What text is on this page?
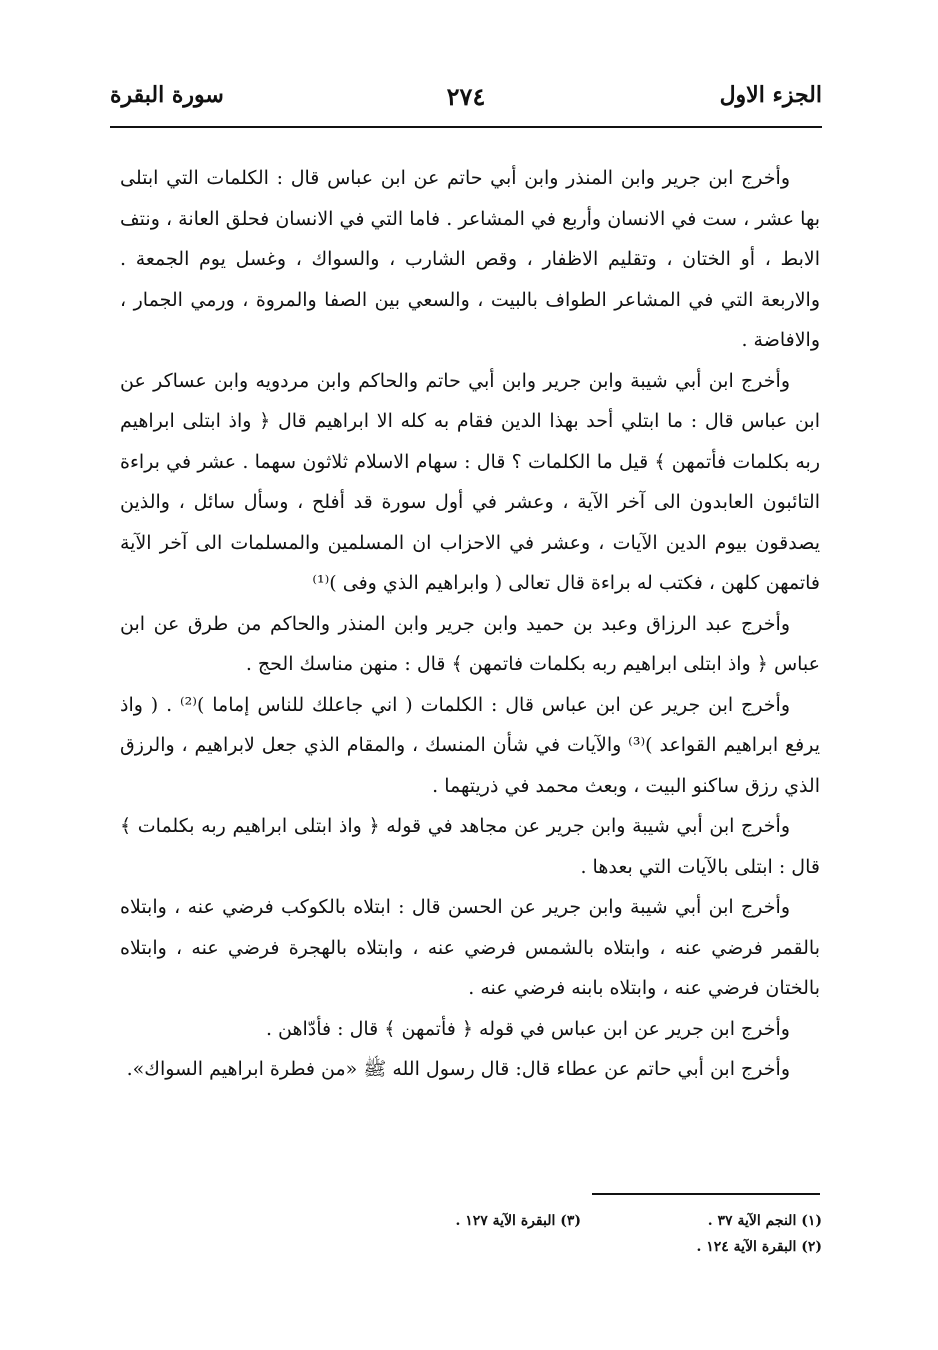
الجزء الاول
٢٧٤
سورة البقرة

وأخرج ابن جرير وابن المنذر وابن أبي حاتم عن ابن عباس قال : الكلمات التي ابتلى بها عشر ، ست في الانسان وأربع في المشاعر . فاما التي في الانسان فحلق العانة ، ونتف الابط ، أو الختان ، وتقليم الاظفار ، وقص الشارب ، والسواك ، وغسل يوم الجمعة . والاربعة التي في المشاعر الطواف بالبيت ، والسعي بين الصفا والمروة ، ورمي الجمار ، والافاضة .

وأخرج ابن أبي شيبة وابن جرير وابن أبي حاتم والحاكم وابن مردويه وابن عساكر عن ابن عباس قال : ما ابتلي أحد بهذا الدين فقام به كله الا ابراهيم قال ﴿ واذ ابتلى ابراهيم ربه بكلمات فأتمهن ﴾ قيل ما الكلمات ؟ قال : سهام الاسلام ثلاثون سهما . عشر في براءة التائبون العابدون الى آخر الآية ، وعشر في أول سورة قد أفلح ، وسأل سائل ، والذين يصدقون بيوم الدين الآيات ، وعشر في الاحزاب ان المسلمين والمسلمات الى آخر الآية فاتمهن كلهن ، فكتب له براءة قال تعالى ( وابراهيم الذي وفى )⁽¹⁾

وأخرج عبد الرزاق وعبد بن حميد وابن جرير وابن المنذر والحاكم من طرق عن ابن عباس ﴿ واذ ابتلى ابراهيم ربه بكلمات فاتمهن ﴾ قال : منهن مناسك الحج .

وأخرج ابن جرير عن ابن عباس قال : الكلمات ( اني جاعلك للناس إماما )⁽²⁾ . ( واذ يرفع ابراهيم القواعد )⁽³⁾ والآيات في شأن المنسك ، والمقام الذي جعل لابراهيم ، والرزق الذي رزق ساكنو البيت ، وبعث محمد في ذريتهما .

وأخرج ابن أبي شيبة وابن جرير عن مجاهد في قوله ﴿ واذ ابتلى ابراهيم ربه بكلمات ﴾ قال : ابتلى بالآيات التي بعدها .

وأخرج ابن أبي شيبة وابن جرير عن الحسن قال : ابتلاه بالكوكب فرضي عنه ، وابتلاه بالقمر فرضي عنه ، وابتلاه بالشمس فرضي عنه ، وابتلاه بالهجرة فرضي عنه ، وابتلاه بالختان فرضي عنه ، وابتلاه بابنه فرضي عنه .

وأخرج ابن جرير عن ابن عباس في قوله ﴿ فأتمهن ﴾ قال : فأدّاهن .

وأخرج ابن أبي حاتم عن عطاء قال: قال رسول الله ﷺ «من فطرة ابراهيم السواك».

(١) النجم الآية ٣٧ .
(٣) البقرة الآية ١٢٧ .
(٢) البقرة الآية ١٢٤ .
